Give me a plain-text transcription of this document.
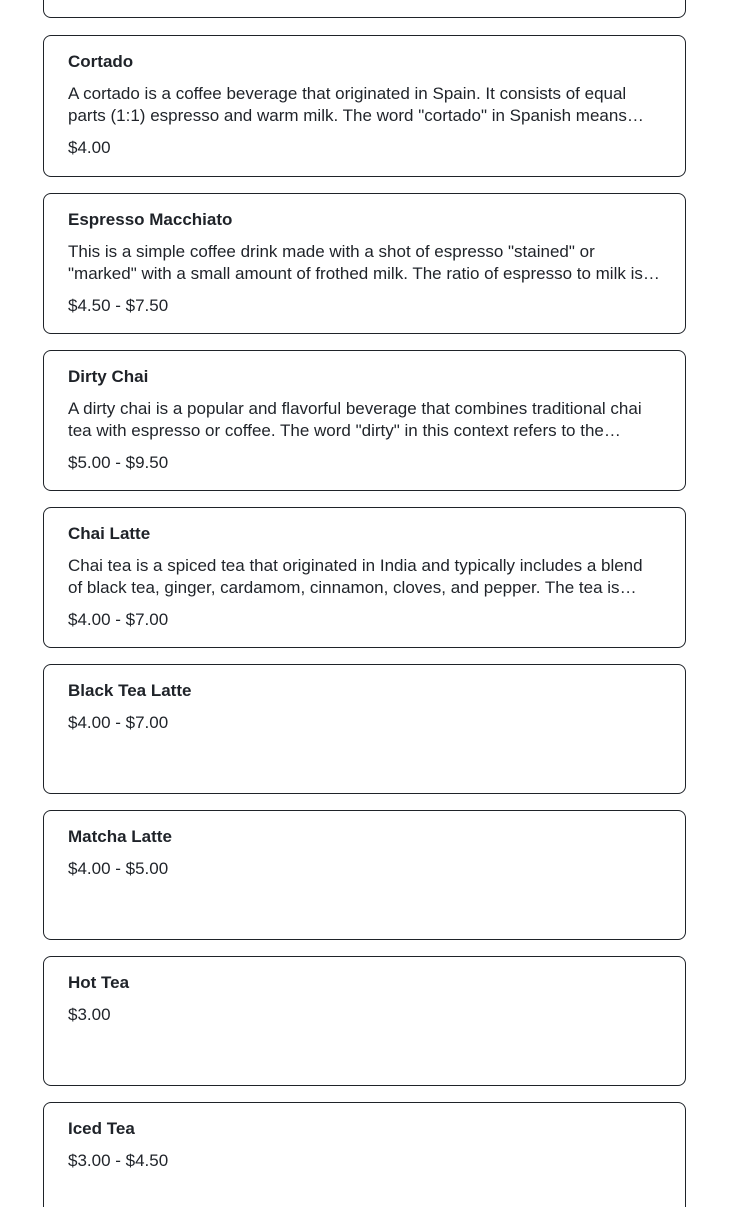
Cortado
A cortado is a coffee beverage that originated in Spain. It consists of equal parts (1:1) espresso and warm milk. The word "cortado" in Spanish means
$4.00
Espresso Macchiato
This is a simple coffee drink made with a shot of espresso "stained" or "marked" with a small amount of frothed milk. The ratio of espresso to milk is
$4.50 - $7.50
Dirty Chai
A dirty chai is a popular and flavorful beverage that combines traditional chai tea with espresso or coffee. The word "dirty" in this context refers to the
$5.00 - $9.50
Chai Latte
Chai tea is a spiced tea that originated in India and typically includes a blend of black tea, ginger, cardamom, cinnamon, cloves, and pepper. The tea is
$4.00 - $7.00
Black Tea Latte
$4.00 - $7.00
Matcha Latte
$4.00 - $5.00
Hot Tea
$3.00
Iced Tea
$3.00 - $4.50
